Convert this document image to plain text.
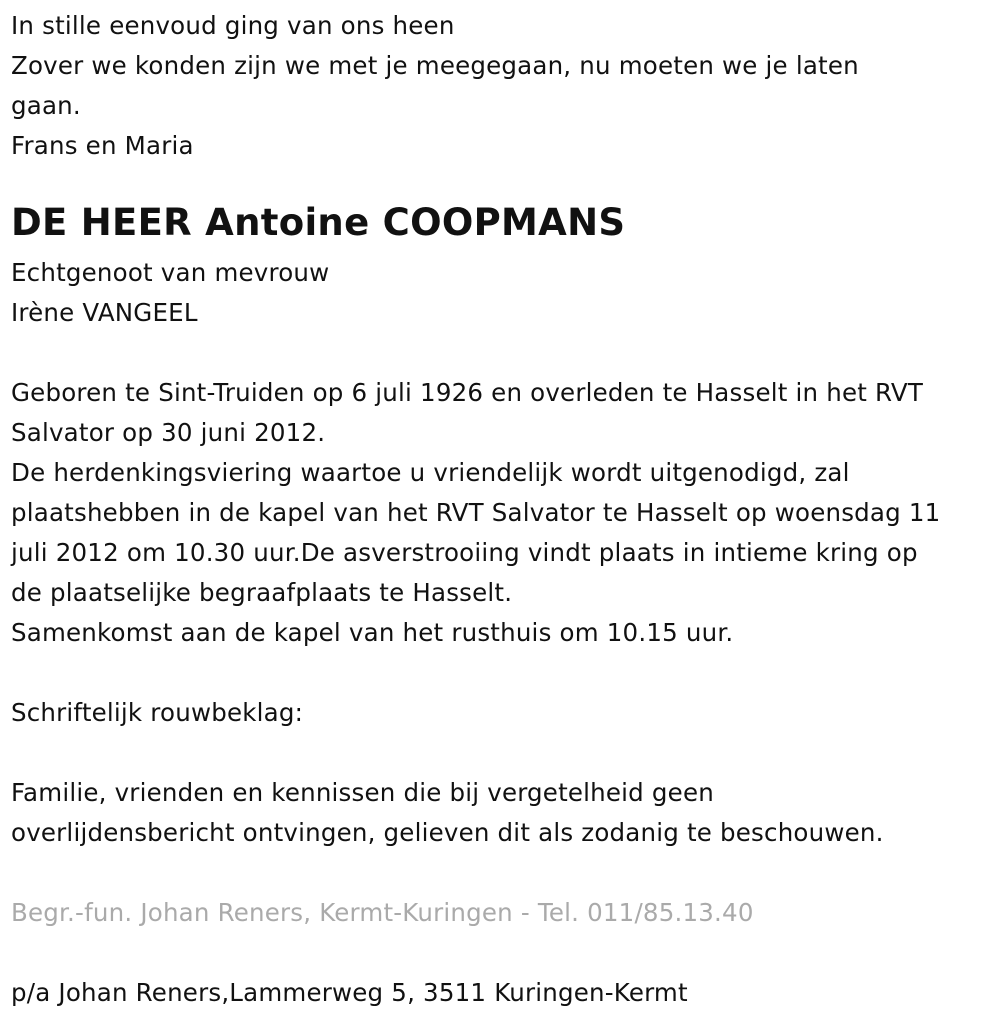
In stille eenvoud ging van ons heen
Zover we konden zijn we met je meegegaan, nu moeten we je laten
gaan.
Frans en Maria
DE HEER Antoine COOPMANS
Echtgenoot van mevrouw
Irène VANGEEL
Geboren te Sint-Truiden op 6 juli 1926 en overleden te Hasselt in het RVT
Salvator op 30 juni 2012.
De herdenkingsviering waartoe u vriendelijk wordt uitgenodigd, zal
plaatshebben in de kapel van het RVT Salvator te Hasselt op woensdag 11
juli 2012 om 10.30 uur.De asverstrooiing vindt plaats in intieme kring op
de plaatselijke begraafplaats te Hasselt.
Samenkomst aan de kapel van het rusthuis om 10.15 uur.
Schriftelijk rouwbeklag:
Familie, vrienden en kennissen die bij vergetelheid geen
overlijdensbericht ontvingen, gelieven dit als zodanig te beschouwen.
Begr.-fun. Johan Reners, Kermt-Kuringen - Tel. 011/85.13.40
p/a Johan Reners,Lammerweg 5, 3511 Kuringen-Kermt
